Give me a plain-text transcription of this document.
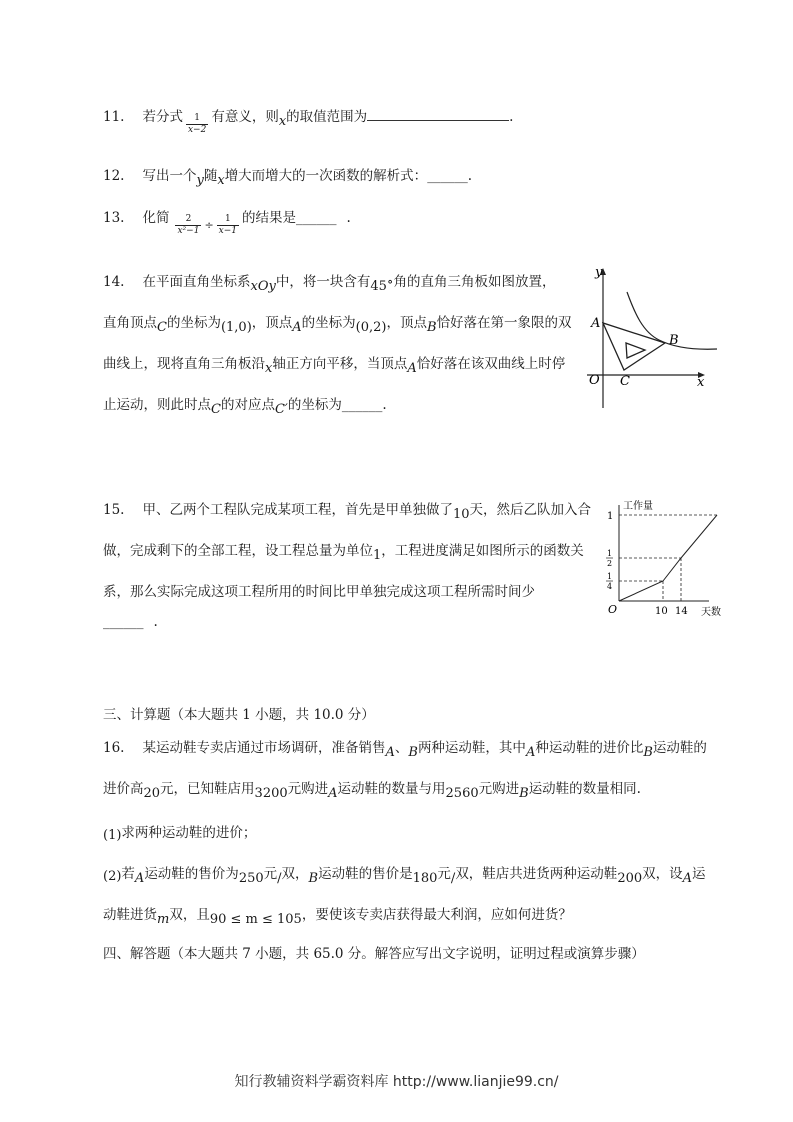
11. 若分式 $\frac{1}{x-2}$ 有意义，则x的取值范围为	.
12. 写出一个y随x增大而增大的一次函数的解析式：______.
13. 化简 $\frac{2}{\text{x²−1}} _\div \frac{1}{x-1}$ 的结果是______ .
14. 在平面直角坐标系xOy中，将一块含有45∘角的直角三角板如图放置，
直角顶点C的坐标为(1,0)，顶点A的坐标为(0,2)，顶点B恰好落在第一象限的双
曲线上，现将直角三角板沿x轴正方向平移，当顶点A恰好落在该双曲线上时停
止运动，则此时点C的对应点C′的坐标为______.
y
x
O
A
B
C
15. 甲、乙两个工程队完成某项工程，首先是甲单独做了10天，然后乙队加入合
做，完成剩下的全部工程，设工程总量为单位1，工程进度满足如图所示的函数关
系，那么实际完成这项工程所用的时间比甲单独完成这项工程所需时间少
______ .
工作量
天数
1
1
2
1
4
O	10 14
三、计算题（本大题共 1 小题，共 10.0 分）
16. 某运动鞋专卖店通过市场调研，准备销售A、B两种运动鞋，其中A种运动鞋的进价比B运动鞋的
进价高20元，已知鞋店用3200元购进A运动鞋的数量与用2560元购进B运动鞋的数量相同.
(1)求两种运动鞋的进价；
(2)若A运动鞋的售价为250元/双，B运动鞋的售价是180元/双，鞋店共进货两种运动鞋200双，设A运
动鞋进货m双，且90 ≤ m ≤ 105，要使该专卖店获得最大利润，应如何进货？
四、解答题（本大题共 7 小题，共 65.0 分。解答应写出文字说明，证明过程或演算步骤）
知行教辅资料学霸资料库 http://www.lianjie99.cn/
